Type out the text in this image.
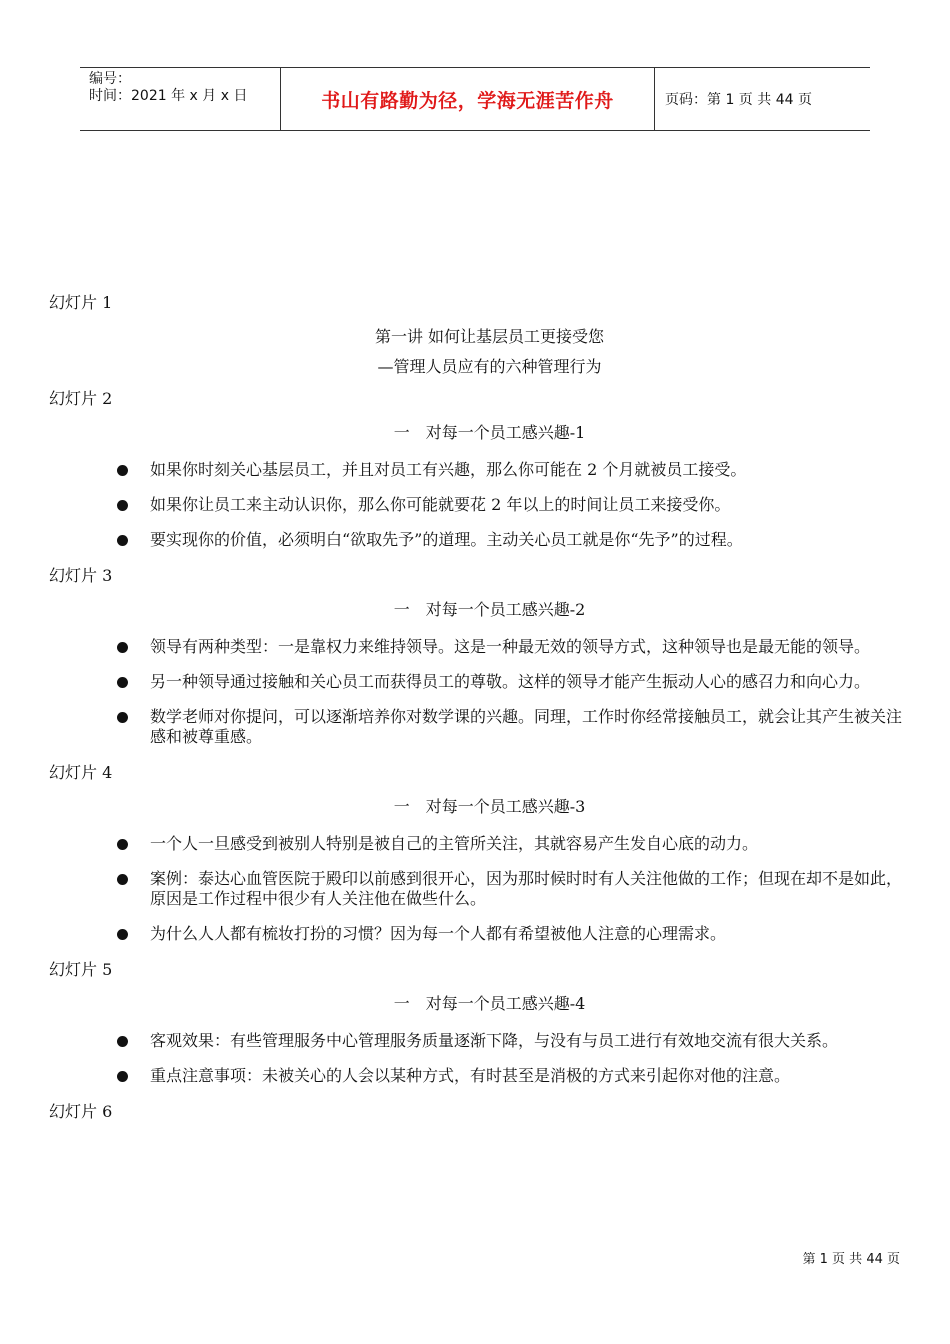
编号：
时间：2021 年 x 月 x 日	书山有路勤为径，学海无涯苦作舟	页码：第 1 页 共 44 页
幻灯片 1
第一讲 如何让基层员工更接受您
—管理人员应有的六种管理行为
幻灯片 2
一　对每一个员工感兴趣-1
如果你时刻关心基层员工，并且对员工有兴趣，那么你可能在 2 个月就被员工接受。
如果你让员工来主动认识你，那么你可能就要花 2 年以上的时间让员工来接受你。
要实现你的价值，必须明白“欲取先予”的道理。主动关心员工就是你“先予”的过程。
幻灯片 3
一　对每一个员工感兴趣-2
领导有两种类型：一是靠权力来维持领导。这是一种最无效的领导方式，这种领导也是最无能的领导。
另一种领导通过接触和关心员工而获得员工的尊敬。这样的领导才能产生振动人心的感召力和向心力。
数学老师对你提问，可以逐渐培养你对数学课的兴趣。同理，工作时你经常接触员工，就会让其产生被关注感和被尊重感。
幻灯片 4
一　对每一个员工感兴趣-3
一个人一旦感受到被别人特别是被自己的主管所关注，其就容易产生发自心底的动力。
案例：泰达心血管医院于殿印以前感到很开心，因为那时候时时有人关注他做的工作；但现在却不是如此，原因是工作过程中很少有人关注他在做些什么。
为什么人人都有梳妆打扮的习惯？因为每一个人都有希望被他人注意的心理需求。
幻灯片 5
一　对每一个员工感兴趣-4
客观效果：有些管理服务中心管理服务质量逐渐下降，与没有与员工进行有效地交流有很大关系。
重点注意事项：未被关心的人会以某种方式，有时甚至是消极的方式来引起你对他的注意。
幻灯片 6
第 1 页 共 44 页
